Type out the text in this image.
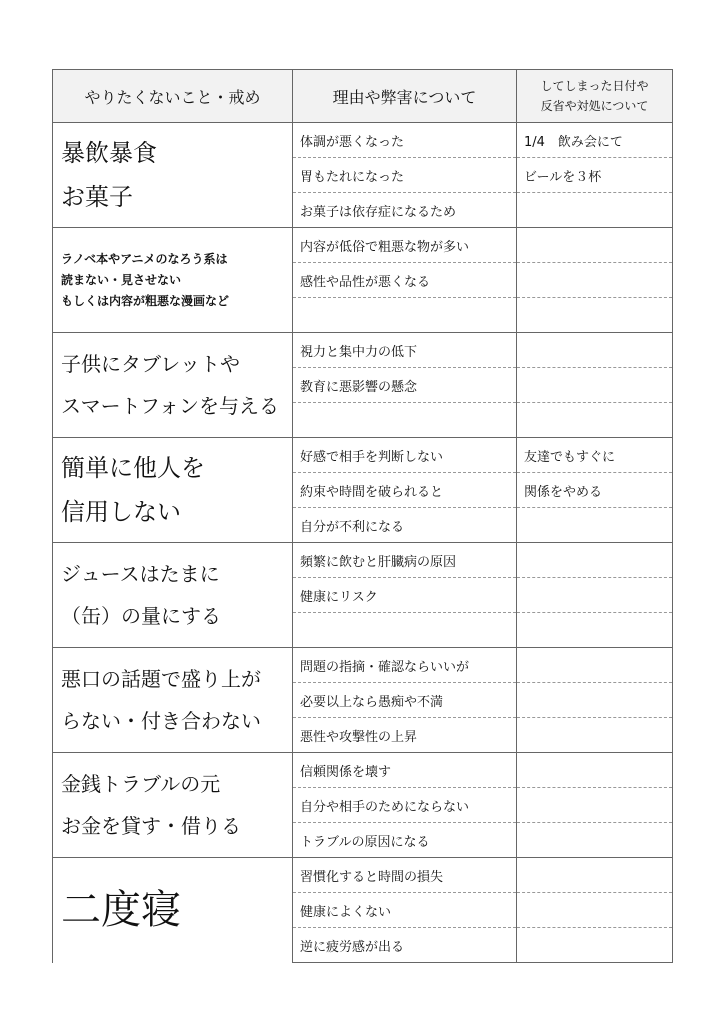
やりたくないこと・戒め	理由や弊害について	してしまった日付や
反省や対処について

暴飲暴食
お菓子	体調が悪くなった	1/4　飲み会にて
	胃もたれになった	ビールを３杯
	お菓子は依存症になるため	

ラノベ本やアニメのなろう系は
読まない・見させない
もしくは内容が粗悪な漫画など	内容が低俗で粗悪な物が多い	
	感性や品性が悪くなる	

子供にタブレットや
スマートフォンを与える	視力と集中力の低下	
	教育に悪影響の懸念	

簡単に他人を
信用しない	好感で相手を判断しない	友達でもすぐに
	約束や時間を破られると	関係をやめる
	自分が不利になる	

ジュースはたまに
（缶）の量にする	頻繁に飲むと肝臓病の原因	
	健康にリスク	

悪口の話題で盛り上が
らない・付き合わない	問題の指摘・確認ならいいが	
	必要以上なら愚痴や不満	
	悪性や攻撃性の上昇	

金銭トラブルの元
お金を貸す・借りる	信頼関係を壊す	
	自分や相手のためにならない	
	トラブルの原因になる	

二度寝	習慣化すると時間の損失	
	健康によくない	
	逆に疲労感が出る	
